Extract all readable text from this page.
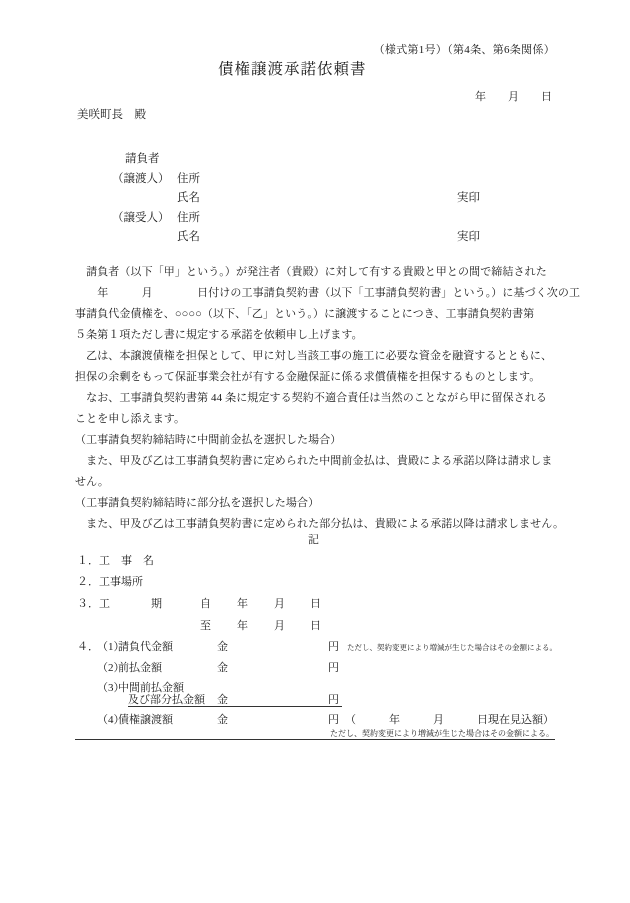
（様式第1号）（第4条、第6条関係）
債権譲渡承諾依頼書
年　　月　　日
美咲町長　殿
請負者
（譲渡人） 住所
氏名	実印
（譲受人） 住所
氏名	実印
　請負者（以下「甲」という。）が発注者（貴殿）に対して有する貴殿と甲との間で締結された
　　年　　　月　　　　日付けの工事請負契約書（以下「工事請負契約書」という。）に基づく次の工
事請負代金債権を、○○○○（以下、「乙」という。）に譲渡することにつき、工事請負契約書第
５条第１項ただし書に規定する承諾を依頼申し上げます。
　乙は、本譲渡債権を担保として、甲に対し当該工事の施工に必要な資金を融資するとともに、
担保の余剰をもって保証事業会社が有する金融保証に係る求償債権を担保するものとします。
　なお、工事請負契約書第 44 条に規定する契約不適合責任は当然のことながら甲に留保される
ことを申し添えます。
（工事請負契約締結時に中間前金払を選択した場合）
　また、甲及び乙は工事請負契約書に定められた中間前金払は、貴殿による承諾以降は請求しま
せん。
（工事請負契約締結時に部分払を選択した場合）
　また、甲及び乙は工事請負契約書に定められた部分払は、貴殿による承諾以降は請求しません。
記
１．工　事　名
２．工事場所
３．工	期	自 年 月 日
至 年 月 日
４．
（1）
請負代金額	金	円 ただし、契約変更により増減が生じた場合はその金額による。
（2）
前払金額	金	円
（3）
中間前払金額
及び部分払金額 金	円
（4）
債権譲渡額	金	円 （　　　年　　　月　　　日現在見込額）
ただし、契約変更により増減が生じた場合はその金額による。
